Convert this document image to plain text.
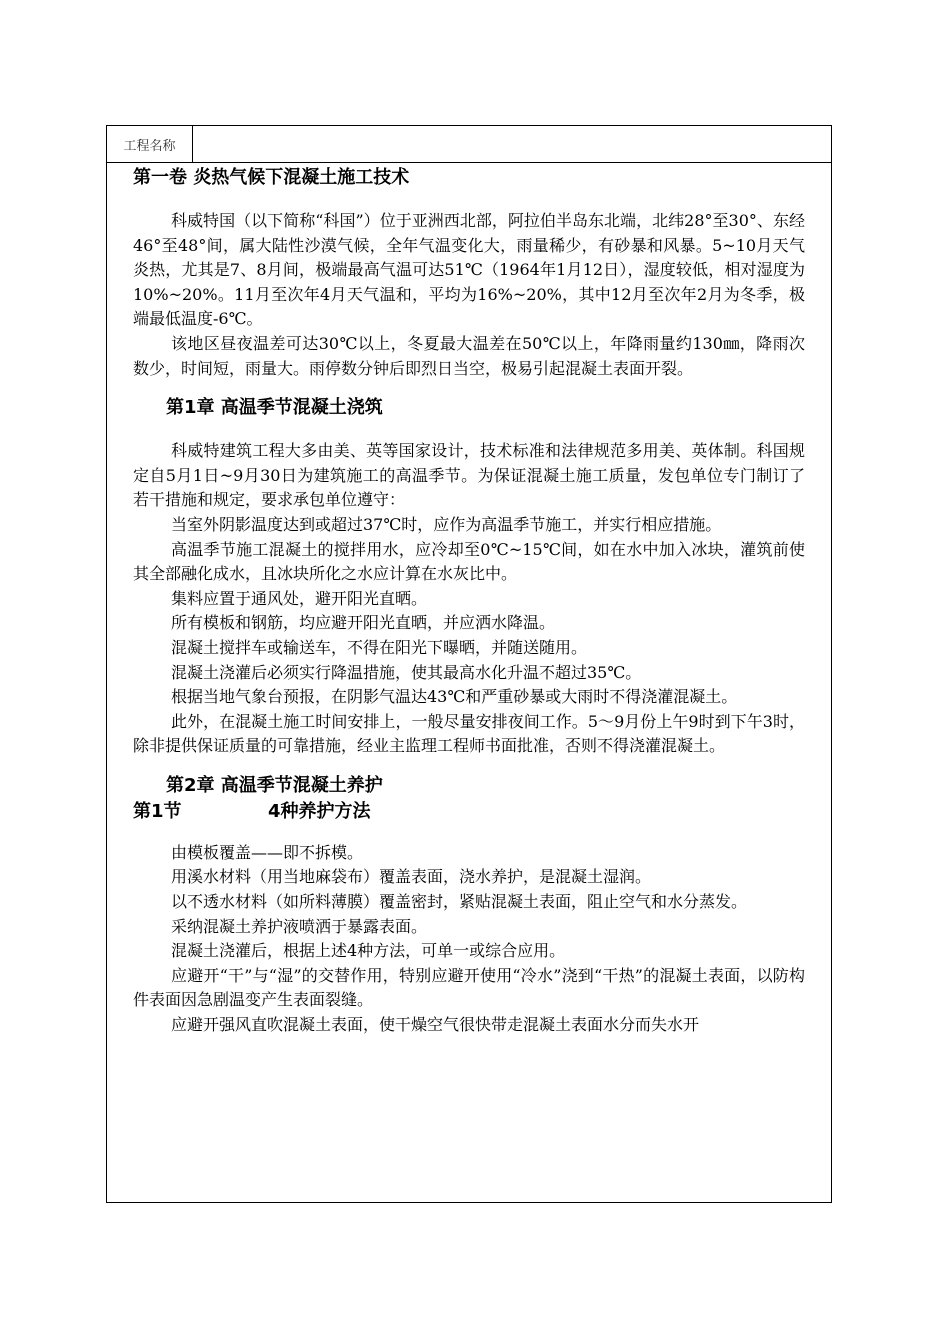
工程名称
第一卷 炎热气候下混凝土施工技术

科威特国（以下简称“科国”）位于亚洲西北部，阿拉伯半岛东北端，北纬28°至30°、东经46°至48°间，属大陆性沙漠气候，全年气温变化大，雨量稀少，有砂暴和风暴。5~10月天气炎热，尤其是7、8月间，极端最高气温可达51℃（1964年1月12日），湿度较低，相对湿度为10%~20%。11月至次年4月天气温和，平均为16%~20%，其中12月至次年2月为冬季，极端最低温度-6℃。

该地区昼夜温差可达30℃以上，冬夏最大温差在50℃以上，年降雨量约130㎜，降雨次数少，时间短，雨量大。雨停数分钟后即烈日当空，极易引起混凝土表面开裂。

第1章 高温季节混凝土浇筑

科威特建筑工程大多由美、英等国家设计，技术标准和法律规范多用美、英体制。科国规定自5月1日~9月30日为建筑施工的高温季节。为保证混凝土施工质量，发包单位专门制订了若干措施和规定，要求承包单位遵守：

当室外阴影温度达到或超过37℃时，应作为高温季节施工，并实行相应措施。

高温季节施工混凝土的搅拌用水，应冷却至0℃~15℃间，如在水中加入冰块，灌筑前使其全部融化成水，且冰块所化之水应计算在水灰比中。

集料应置于通风处，避开阳光直晒。

所有模板和钢筋，均应避开阳光直晒，并应洒水降温。

混凝土搅拌车或输送车，不得在阳光下曝晒，并随送随用。

混凝土浇灌后必须实行降温措施，使其最高水化升温不超过35℃。

根据当地气象台预报，在阴影气温达43℃和严重砂暴或大雨时不得浇灌混凝土。

此外，在混凝土施工时间安排上，一般尽量安排夜间工作。5～9月份上午9时到下午3时，除非提供保证质量的可靠措施，经业主监理工程师书面批准，否则不得浇灌混凝土。

第2章 高温季节混凝土养护
第1节	4种养护方法

由模板覆盖——即不拆模。

用溪水材料（用当地麻袋布）覆盖表面，浇水养护，是混凝土湿润。

以不透水材料（如所料薄膜）覆盖密封，紧贴混凝土表面，阻止空气和水分蒸发。

采纳混凝土养护液喷洒于暴露表面。

混凝土浇灌后，根据上述4种方法，可单一或综合应用。

应避开“干”与“湿”的交替作用，特别应避开使用“冷水”浇到“干热”的混凝土表面，以防构件表面因急剧温变产生表面裂缝。

应避开强风直吹混凝土表面，使干燥空气很快带走混凝土表面水分而失水开
